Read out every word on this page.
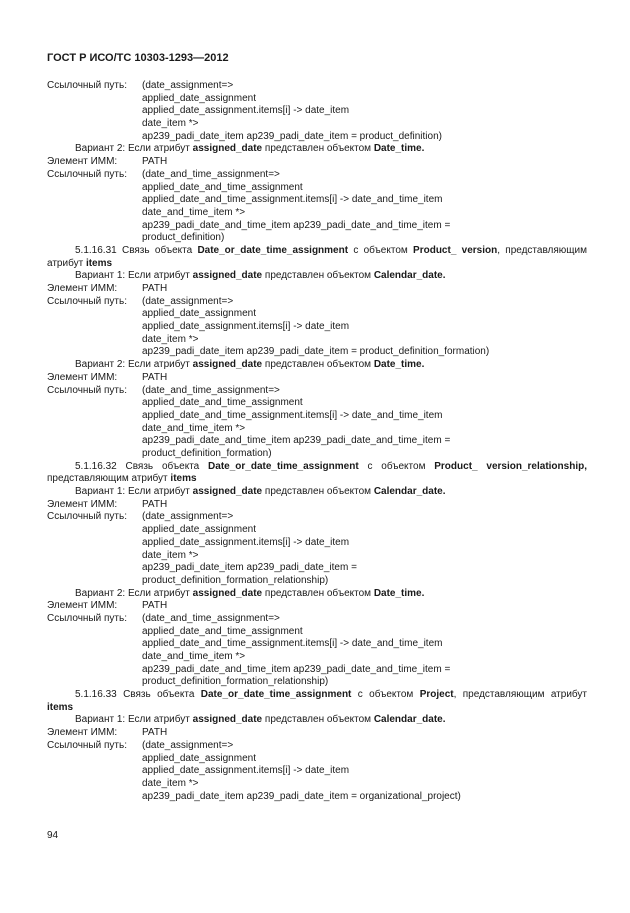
ГОСТ Р ИСО/ТС 10303-1293—2012
Ссылочный путь: (date_assignment=>
applied_date_assignment
applied_date_assignment.items[i] -> date_item
date_item *>
ap239_padi_date_item ap239_padi_date_item = product_definition)
Вариант 2: Если атрибут assigned_date представлен объектом Date_time.
Элемент ИММ: PATH
Ссылочный путь: (date_and_time_assignment=>
applied_date_and_time_assignment
applied_date_and_time_assignment.items[i] -> date_and_time_item
date_and_time_item *>
ap239_padi_date_and_time_item ap239_padi_date_and_time_item =
product_definition)
5.1.16.31 Связь объекта Date_or_date_time_assignment с объектом Product_ version, представляющим атрибут items
Вариант 1: Если атрибут assigned_date представлен объектом Calendar_date.
Элемент ИММ: PATH
Ссылочный путь: (date_assignment=>
applied_date_assignment
applied_date_assignment.items[i] -> date_item
date_item *>
ap239_padi_date_item ap239_padi_date_item = product_definition_formation)
Вариант 2: Если атрибут assigned_date представлен объектом Date_time.
Элемент ИММ: PATH
Ссылочный путь: (date_and_time_assignment=>
applied_date_and_time_assignment
applied_date_and_time_assignment.items[i] -> date_and_time_item
date_and_time_item *>
ap239_padi_date_and_time_item ap239_padi_date_and_time_item =
product_definition_formation)
5.1.16.32 Связь объекта Date_or_date_time_assignment с объектом Product_ version_relationship, представляющим атрибут items
Вариант 1: Если атрибут assigned_date представлен объектом Calendar_date.
Элемент ИММ: PATH
Ссылочный путь: (date_assignment=>
applied_date_assignment
applied_date_assignment.items[i] -> date_item
date_item *>
ap239_padi_date_item ap239_padi_date_item =
product_definition_formation_relationship)
Вариант 2: Если атрибут assigned_date представлен объектом Date_time.
Элемент ИММ: PATH
Ссылочный путь: (date_and_time_assignment=>
applied_date_and_time_assignment
applied_date_and_time_assignment.items[i] -> date_and_time_item
date_and_time_item *>
ap239_padi_date_and_time_item ap239_padi_date_and_time_item =
product_definition_formation_relationship)
5.1.16.33 Связь объекта Date_or_date_time_assignment с объектом Project, представляющим атрибут items
Вариант 1: Если атрибут assigned_date представлен объектом Calendar_date.
Элемент ИММ: PATH
Ссылочный путь: (date_assignment=>
applied_date_assignment
applied_date_assignment.items[i] -> date_item
date_item *>
ap239_padi_date_item ap239_padi_date_item = organizational_project)
94
